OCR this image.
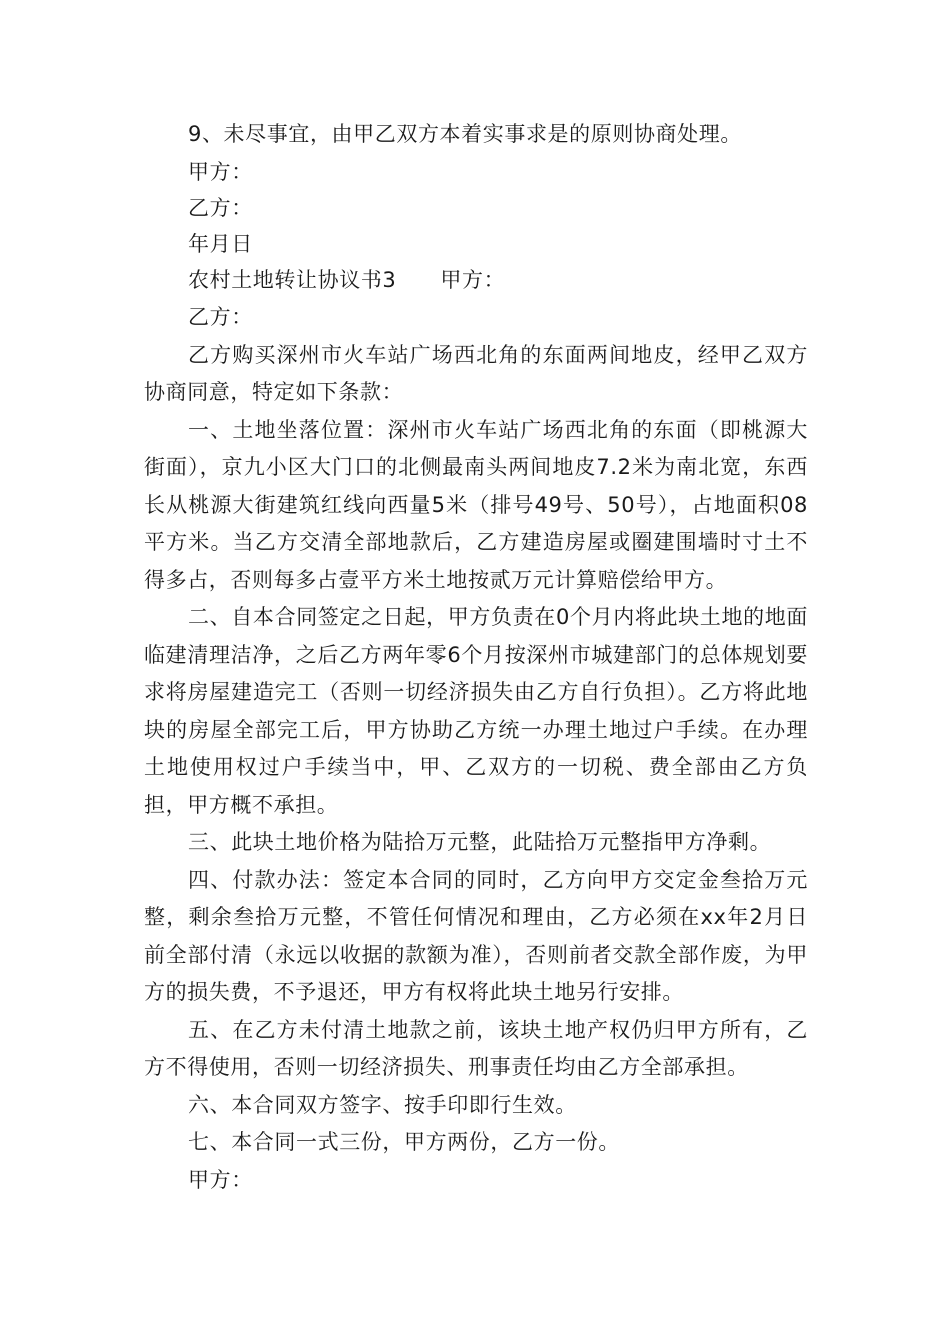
9、未尽事宜，由甲乙双方本着实事求是的原则协商处理。

甲方：

乙方：

年月日

农村土地转让协议书3 甲方：

乙方：

乙方购买深州市火车站广场西北角的东面两间地皮，经甲乙双方协商同意，特定如下条款：

一、土地坐落位置：深州市火车站广场西北角的东面（即桃源大街面），京九小区大门口的北侧最南头两间地皮7.2米为南北宽，东西长从桃源大街建筑红线向西量5米（排号49号、50号），占地面积08平方米。当乙方交清全部地款后，乙方建造房屋或圈建围墙时寸土不得多占，否则每多占壹平方米土地按贰万元计算赔偿给甲方。

二、自本合同签定之日起，甲方负责在0个月内将此块土地的地面临建清理洁净，之后乙方两年零6个月按深州市城建部门的总体规划要求将房屋建造完工（否则一切经济损失由乙方自行负担）。乙方将此地块的房屋全部完工后，甲方协助乙方统一办理土地过户手续。在办理土地使用权过户手续当中，甲、乙双方的一切税、费全部由乙方负担，甲方概不承担。

三、此块土地价格为陆拾万元整，此陆拾万元整指甲方净剩。

四、付款办法：签定本合同的同时，乙方向甲方交定金叁拾万元整，剩余叁拾万元整，不管任何情况和理由，乙方必须在xx年2月日前全部付清（永远以收据的款额为准），否则前者交款全部作废，为甲方的损失费，不予退还，甲方有权将此块土地另行安排。

五、在乙方未付清土地款之前，该块土地产权仍归甲方所有，乙方不得使用，否则一切经济损失、刑事责任均由乙方全部承担。

六、本合同双方签字、按手印即行生效。

七、本合同一式三份，甲方两份，乙方一份。

甲方：
